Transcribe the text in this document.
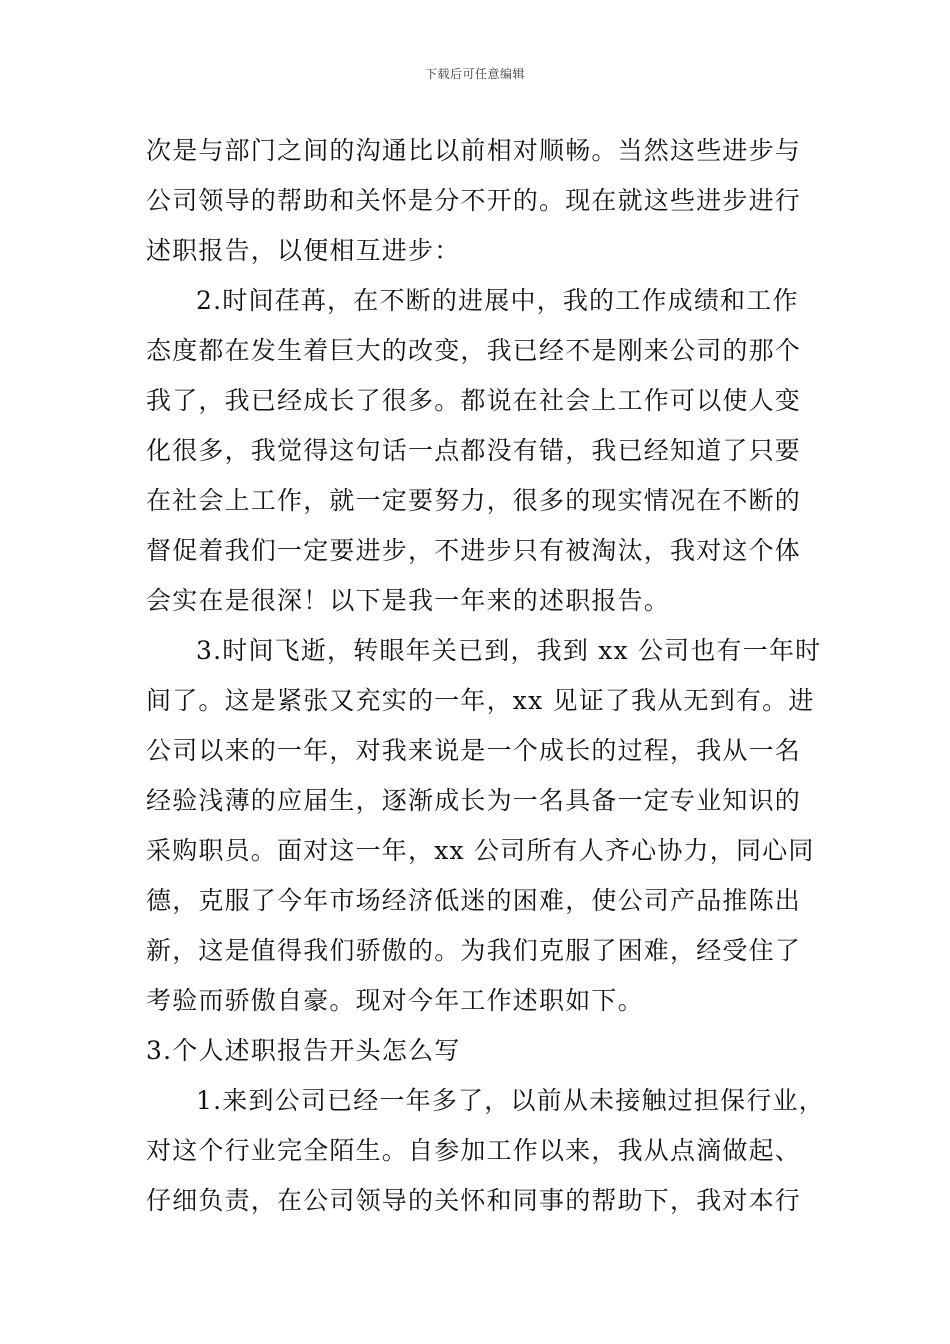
下载后可任意编辑
次是与部门之间的沟通比以前相对顺畅。当然这些进步与
公司领导的帮助和关怀是分不开的。现在就这些进步进行
述职报告，以便相互进步：
2.时间荏苒，在不断的进展中，我的工作成绩和工作
态度都在发生着巨大的改变，我已经不是刚来公司的那个
我了，我已经成长了很多。都说在社会上工作可以使人变
化很多，我觉得这句话一点都没有错，我已经知道了只要
在社会上工作，就一定要努力，很多的现实情况在不断的
督促着我们一定要进步，不进步只有被淘汰，我对这个体
会实在是很深！以下是我一年来的述职报告。
3.时间飞逝，转眼年关已到，我到 xx 公司也有一年时
间了。这是紧张又充实的一年，xx 见证了我从无到有。进
公司以来的一年，对我来说是一个成长的过程，我从一名
经验浅薄的应届生，逐渐成长为一名具备一定专业知识的
采购职员。面对这一年，xx 公司所有人齐心协力，同心同
德，克服了今年市场经济低迷的困难，使公司产品推陈出
新，这是值得我们骄傲的。为我们克服了困难，经受住了
考验而骄傲自豪。现对今年工作述职如下。
3.个人述职报告开头怎么写
1.来到公司已经一年多了，以前从未接触过担保行业，
对这个行业完全陌生。自参加工作以来，我从点滴做起、
仔细负责，在公司领导的关怀和同事的帮助下，我对本行
